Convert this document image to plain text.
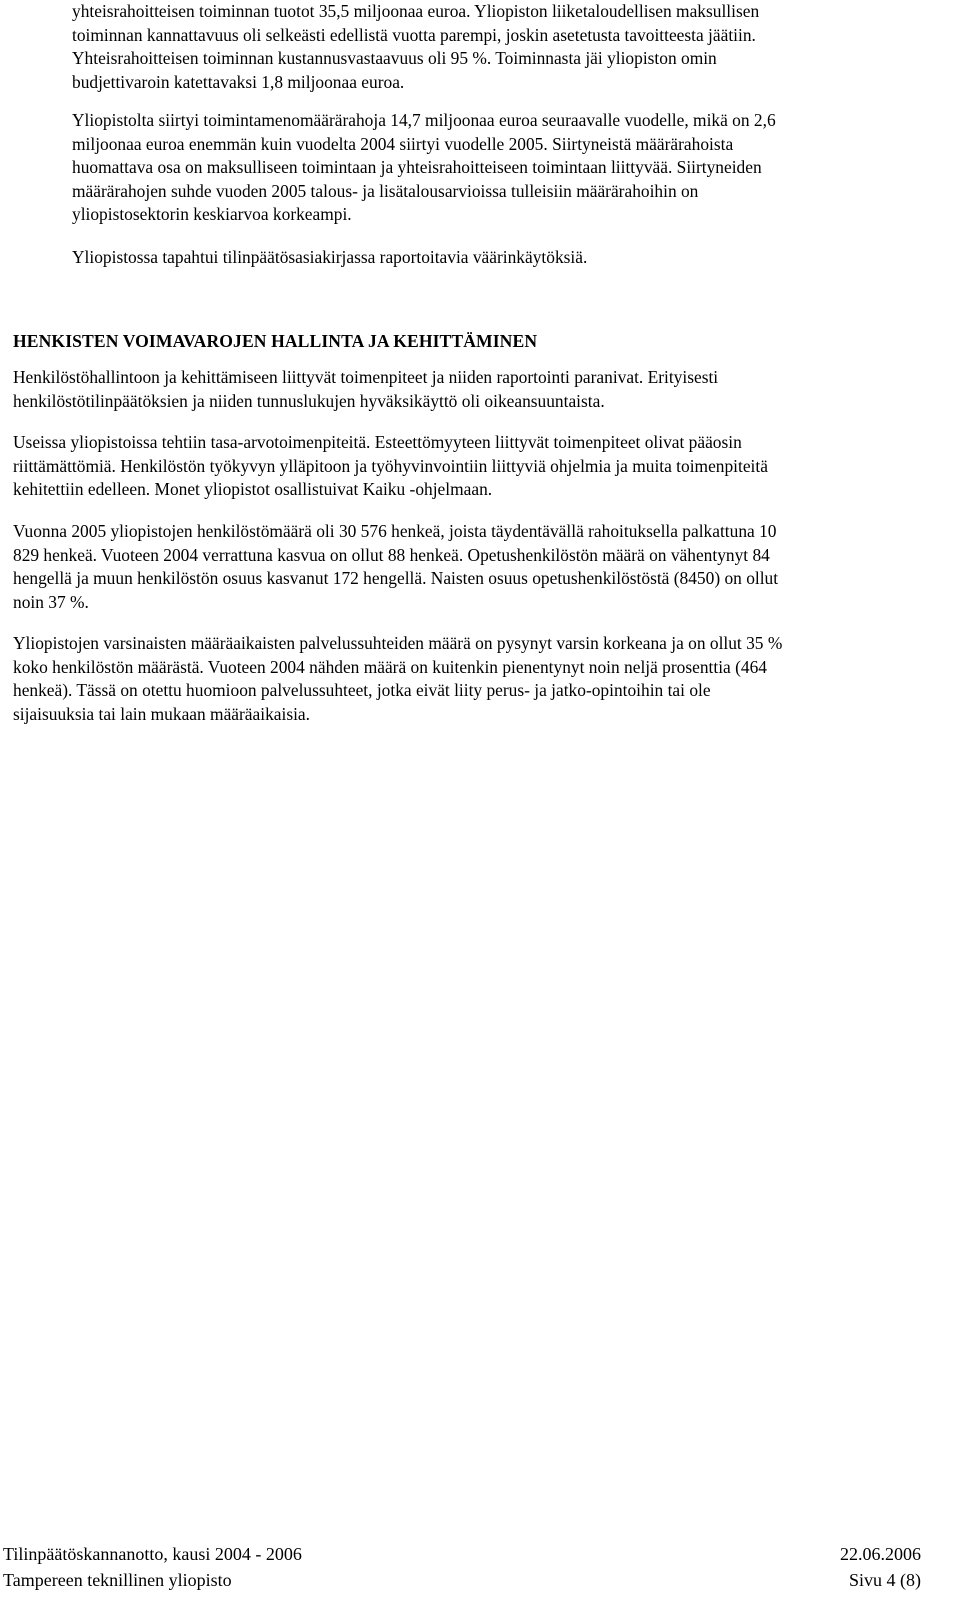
yhteisrahoitteisen toiminnan tuotot 35,5 miljoonaa euroa. Yliopiston liiketaloudellisen maksullisen
toiminnan kannattavuus oli selkeästi edellistä vuotta parempi, joskin asetetusta tavoitteesta jäätiin.
Yhteisrahoitteisen toiminnan kustannusvastaavuus oli 95 %. Toiminnasta jäi yliopiston omin
budjettivaroin katettavaksi 1,8 miljoonaa euroa.

Yliopistolta siirtyi toimintamenomäärärahoja 14,7 miljoonaa euroa seuraavalle vuodelle, mikä on 2,6
miljoonaa euroa enemmän kuin vuodelta 2004 siirtyi vuodelle 2005. Siirtyneistä määrärahoista
huomattava osa on maksulliseen toimintaan ja yhteisrahoitteiseen toimintaan liittyvää. Siirtyneiden
määrärahojen suhde vuoden 2005 talous- ja lisätalousarvioissa tulleisiin määrärahoihin on
yliopistosektorin keskiarvoa korkeampi.

Yliopistossa tapahtui tilinpäätösasiakirjassa raportoitavia väärinkäytöksiä.

HENKISTEN VOIMAVAROJEN HALLINTA JA KEHITTÄMINEN

Henkilöstöhallintoon ja kehittämiseen liittyvät toimenpiteet ja niiden raportointi paranivat. Erityisesti
henkilöstötilinpäätöksien ja niiden tunnuslukujen hyväksikäyttö oli oikeansuuntaista.

Useissa yliopistoissa tehtiin tasa-arvotoimenpiteitä. Esteettömyyteen liittyvät toimenpiteet olivat pääosin
riittämättömiä. Henkilöstön työkyvyn ylläpitoon ja työhyvinvointiin liittyviä ohjelmia ja muita toimenpiteitä
kehitettiin edelleen. Monet yliopistot osallistuivat Kaiku -ohjelmaan.

Vuonna 2005 yliopistojen henkilöstömäärä oli 30 576 henkeä, joista täydentävällä rahoituksella palkattuna 10
829 henkeä. Vuoteen 2004 verrattuna kasvua on ollut 88 henkeä. Opetushenkilöstön määrä on vähentynyt 84
hengellä ja muun henkilöstön osuus kasvanut 172 hengellä. Naisten osuus opetushenkilöstöstä (8450) on ollut
noin 37 %.

Yliopistojen varsinaisten määräaikaisten palvelussuhteiden määrä on pysynyt varsin korkeana ja on ollut 35 %
koko henkilöstön määrästä. Vuoteen 2004 nähden määrä on kuitenkin pienentynyt noin neljä prosenttia (464
henkeä). Tässä on otettu huomioon palvelussuhteet, jotka eivät liity perus- ja jatko-opintoihin tai ole
sijaisuuksia tai lain mukaan määräaikaisia.

Tilinpäätöskannanotto, kausi 2004 - 2006	22.06.2006
Tampereen teknillinen yliopisto	Sivu 4 (8)
